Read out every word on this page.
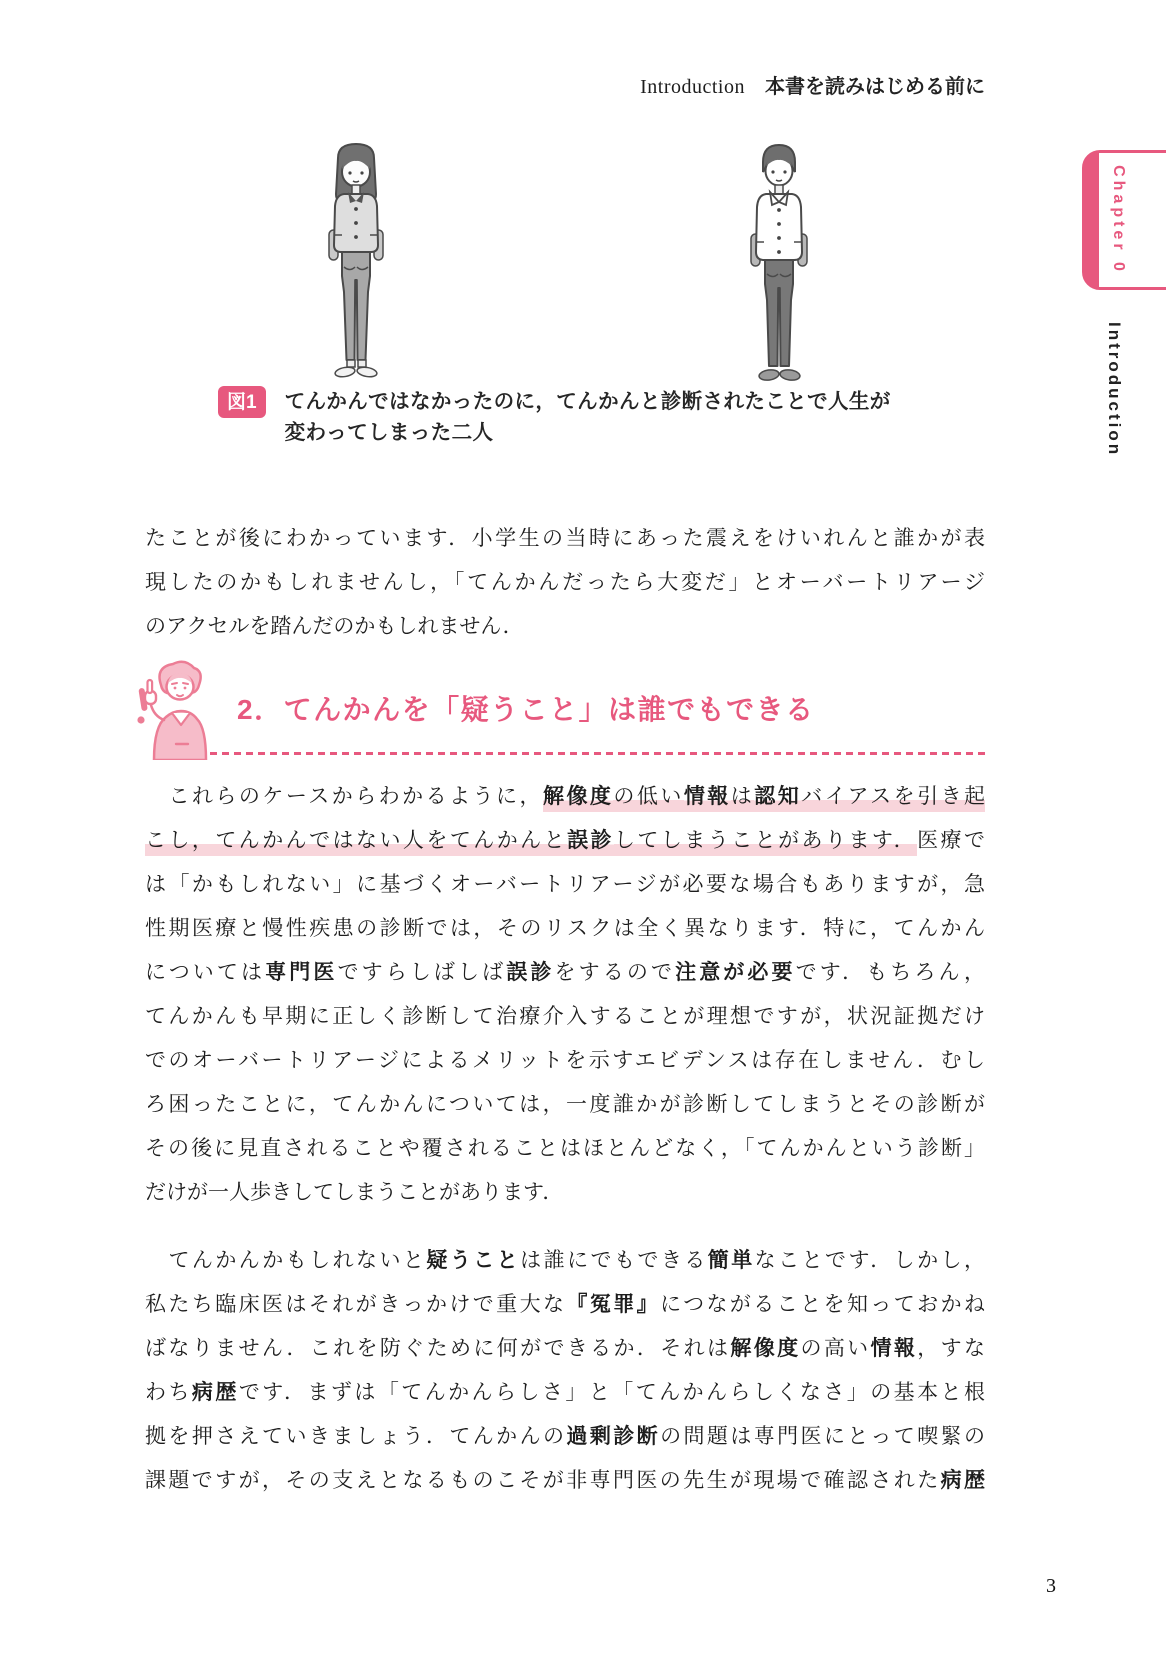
Introduction 本書を読みはじめる前に
Chapter 0
Introduction
図1	てんかんではなかったのに，てんかんと診断されたことで人生が
変わってしまった二人
たことが後にわかっています．小学生の当時にあった震えをけいれんと誰かが表
現したのかもしれませんし，「てんかんだったら大変だ」とオーバートリアージ
のアクセルを踏んだのかもしれません．
2．てんかんを「疑うこと」は誰でもできる
　これらのケースからわかるように，解像度の低い情報は認知バイアスを引き起
こし，てんかんではない人をてんかんと誤診してしまうことがあります．医療で
は「かもしれない」に基づくオーバートリアージが必要な場合もありますが，急
性期医療と慢性疾患の診断では，そのリスクは全く異なります．特に，てんかん
については専門医ですらしばしば誤診をするので注意が必要です．もちろん，
てんかんも早期に正しく診断して治療介入することが理想ですが，状況証拠だけ
でのオーバートリアージによるメリットを示すエビデンスは存在しません．むし
ろ困ったことに，てんかんについては，一度誰かが診断してしまうとその診断が
その後に見直されることや覆されることはほとんどなく，「てんかんという診断」
だけが一人歩きしてしまうことがあります．
　てんかんかもしれないと疑うことは誰にでもできる簡単なことです．しかし，
私たち臨床医はそれがきっかけで重大な『冤罪』につながることを知っておかね
ばなりません．これを防ぐために何ができるか．それは解像度の高い情報，すな
わち病歴です．まずは「てんかんらしさ」と「てんかんらしくなさ」の基本と根
拠を押さえていきましょう．てんかんの過剰診断の問題は専門医にとって喫緊の
課題ですが，その支えとなるものこそが非専門医の先生が現場で確認された病歴
3
